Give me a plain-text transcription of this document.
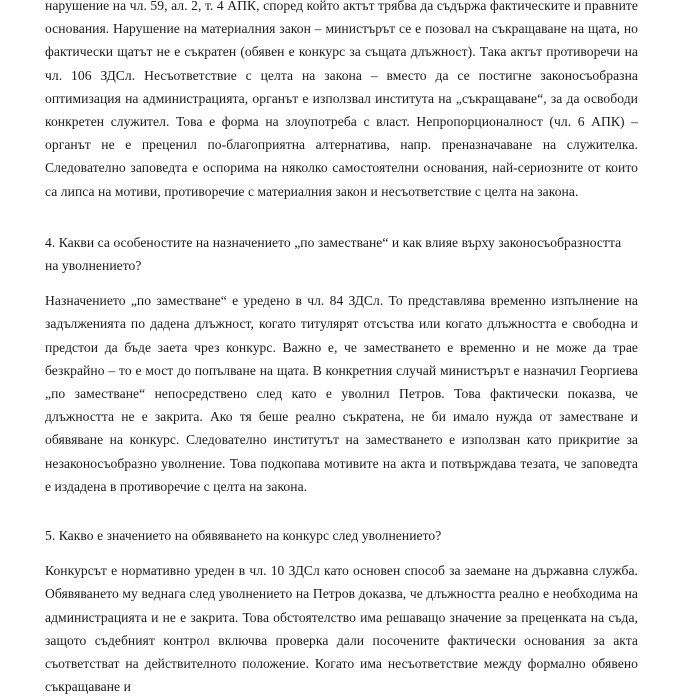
нарушение на чл. 59, ал. 2, т. 4 АПК, според който актът трябва да съдържа фактическите и правните основания. Нарушение на материалния закон – министърът се е позовал на съкращаване на щата, но фактически щатът не е съкратен (обявен е конкурс за същата длъжност). Така актът противоречи на чл. 106 ЗДСл. Несъответствие с целта на закона – вместо да се постигне законосъобразна оптимизация на администрацията, органът е използвал института на „съкращаване“, за да освободи конкретен служител. Това е форма на злоупотреба с власт. Непропорционалност (чл. 6 АПК) – органът не е преценил по-благоприятна алтернатива, напр. преназначаване на служителка. Следователно заповедта е оспорима на няколко самостоятелни основания, най-сериозните от които са липса на мотиви, противоречие с материалния закон и несъответствие с целта на закона.

4. Какви са особеностите на назначението „по заместване“ и как влияе върху законосъобразността на уволнението?

Назначението „по заместване“ е уредено в чл. 84 ЗДСл. То представлява временно изпълнение на задълженията по дадена длъжност, когато титулярят отсъства или когато длъжността е свободна и предстои да бъде заета чрез конкурс. Важно е, че заместването е временно и не може да трае безкрайно – то е мост до попълване на щата. В конкретния случай министърът е назначил Георгиева „по заместване“ непосредствено след като е уволнил Петров. Това фактически показва, че длъжността не е закрита. Ако тя беше реално съкратена, не би имало нужда от заместване и обявяване на конкурс. Следователно институтът на заместването е използван като прикритие за незаконосъобразно уволнение. Това подкопава мотивите на акта и потвърждава тезата, че заповедта е издадена в противоречие с целта на закона.

5. Какво е значението на обявяването на конкурс след уволнението?

Конкурсът е нормативно уреден в чл. 10 ЗДСл като основен способ за заемане на държавна служба. Обявяването му веднага след уволнението на Петров доказва, че длъжността реално е необходима на администрацията и не е закрита. Това обстоятелство има решаващо значение за преценката на съда, защото съдебният контрол включва проверка дали посочените фактически основания за акта съответстват на действителното положение. Когато има несъответствие между формално обявено съкращаване и
